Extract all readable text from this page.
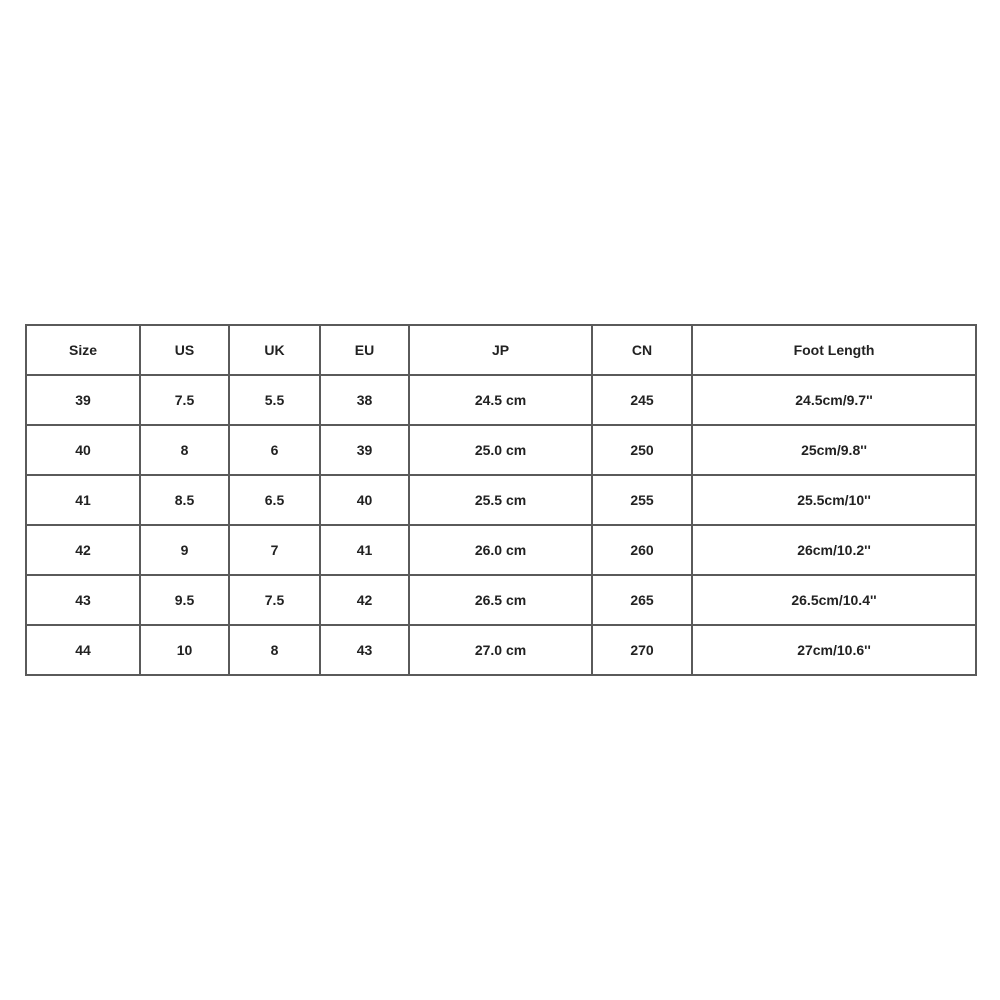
Size	US	UK	EU	JP	CN	Foot Length
39	7.5	5.5	38	24.5 cm	245	24.5cm/9.7''
40	8	6	39	25.0 cm	250	25cm/9.8''
41	8.5	6.5	40	25.5 cm	255	25.5cm/10''
42	9	7	41	26.0 cm	260	26cm/10.2''
43	9.5	7.5	42	26.5 cm	265	26.5cm/10.4''
44	10	8	43	27.0 cm	270	27cm/10.6''
